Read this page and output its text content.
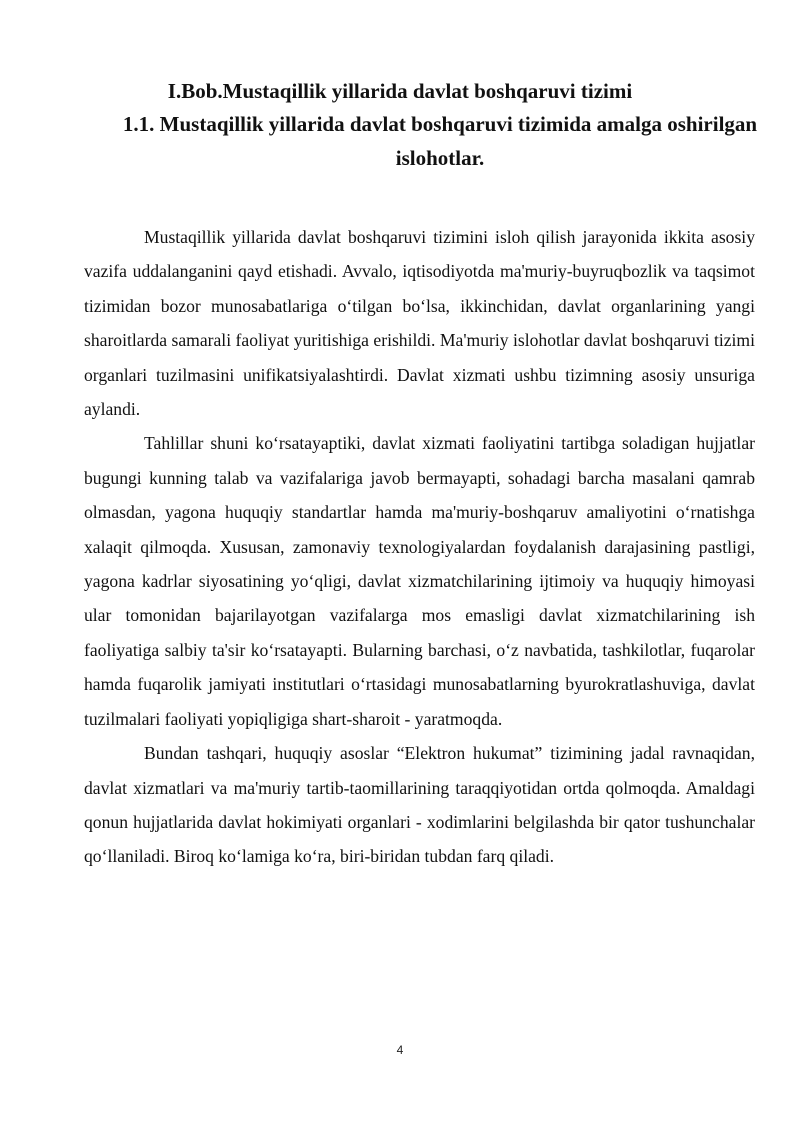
I.Bob.Mustaqillik yillarida davlat boshqaruvi tizimi
1.1. Mustaqillik yillarida davlat boshqaruvi tizimida amalga oshirilgan islohotlar.

Mustaqillik yillarida davlat boshqaruvi tizimini isloh qilish jarayonida ikkita asosiy vazifa uddalanganini qayd etishadi. Avvalo, iqtisodiyotda ma'muriy-buyruqbozlik va taqsimot tizimidan bozor munosabatlariga o‘tilgan bo‘lsa, ikkinchidan, davlat organlarining yangi sharoitlarda samarali faoliyat yuritishiga erishildi. Ma'muriy islohotlar davlat boshqaruvi tizimi organlari tuzilmasini unifikatsiyalashtirdi. Davlat xizmati ushbu tizimning asosiy unsuriga aylandi.

Tahlillar shuni ko‘rsatayaptiki, davlat xizmati faoliyatini tartibga soladigan hujjatlar bugungi kunning talab va vazifalariga javob bermayapti, sohadagi barcha masalani qamrab olmasdan, yagona huquqiy standartlar hamda ma'muriy-boshqaruv amaliyotini o‘rnatishga xalaqit qilmoqda. Xususan, zamonaviy texnologiyalardan foydalanish darajasining pastligi, yagona kadrlar siyosatining yo‘qligi, davlat xizmatchilarining ijtimoiy va huquqiy himoyasi ular tomonidan bajarilayotgan vazifalarga mos emasligi davlat xizmatchilarining ish faoliyatiga salbiy ta'sir ko‘rsatayapti. Bularning barchasi, o‘z navbatida, tashkilotlar, fuqarolar hamda fuqarolik jamiyati institutlari o‘rtasidagi munosabatlarning byurokratlashuviga, davlat tuzilmalari faoliyati yopiqligiga shart-sharoit - yaratmoqda.

Bundan tashqari, huquqiy asoslar “Elektron hukumat” tizimining jadal ravnaqidan, davlat xizmatlari va ma'muriy tartib-taomillarining taraqqiyotidan ortda qolmoqda. Amaldagi qonun hujjatlarida davlat hokimiyati organlari - xodimlarini belgilashda bir qator tushunchalar qo‘llaniladi. Biroq ko‘lamiga ko‘ra, biri-biridan tubdan farq qiladi.

4
